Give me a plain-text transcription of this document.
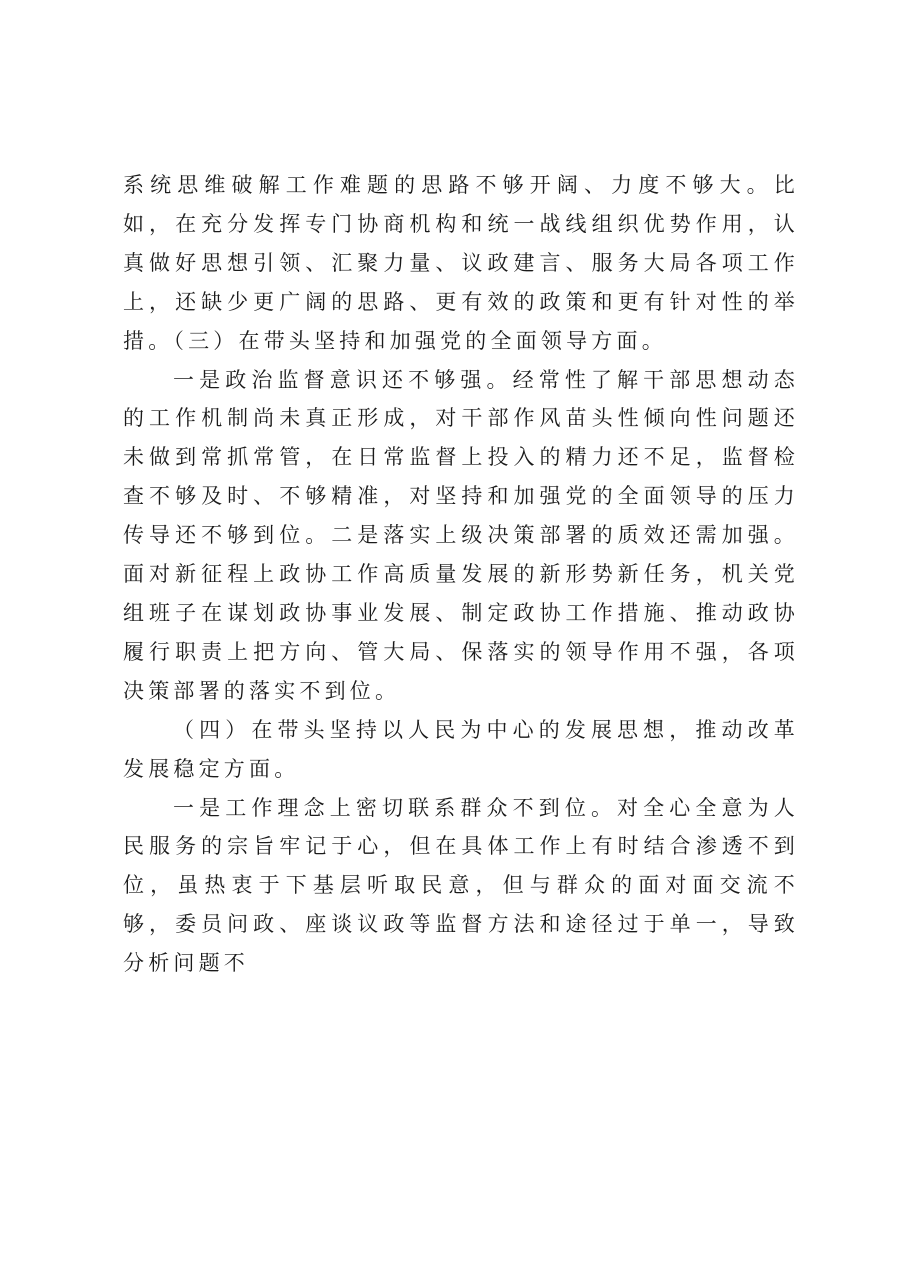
系统思维破解工作难题的思路不够开阔、力度不够大。比如，在充分发挥专门协商机构和统一战线组织优势作用，认真做好思想引领、汇聚力量、议政建言、服务大局各项工作上，还缺少更广阔的思路、更有效的政策和更有针对性的举措。（三）在带头坚持和加强党的全面领导方面。

一是政治监督意识还不够强。经常性了解干部思想动态的工作机制尚未真正形成，对干部作风苗头性倾向性问题还未做到常抓常管，在日常监督上投入的精力还不足，监督检查不够及时、不够精准，对坚持和加强党的全面领导的压力传导还不够到位。二是落实上级决策部署的质效还需加强。面对新征程上政协工作高质量发展的新形势新任务，机关党组班子在谋划政协事业发展、制定政协工作措施、推动政协履行职责上把方向、管大局、保落实的领导作用不强，各项决策部署的落实不到位。

（四）在带头坚持以人民为中心的发展思想，推动改革发展稳定方面。

一是工作理念上密切联系群众不到位。对全心全意为人民服务的宗旨牢记于心，但在具体工作上有时结合渗透不到位，虽热衷于下基层听取民意，但与群众的面对面交流不够，委员问政、座谈议政等监督方法和途径过于单一，导致分析问题不
